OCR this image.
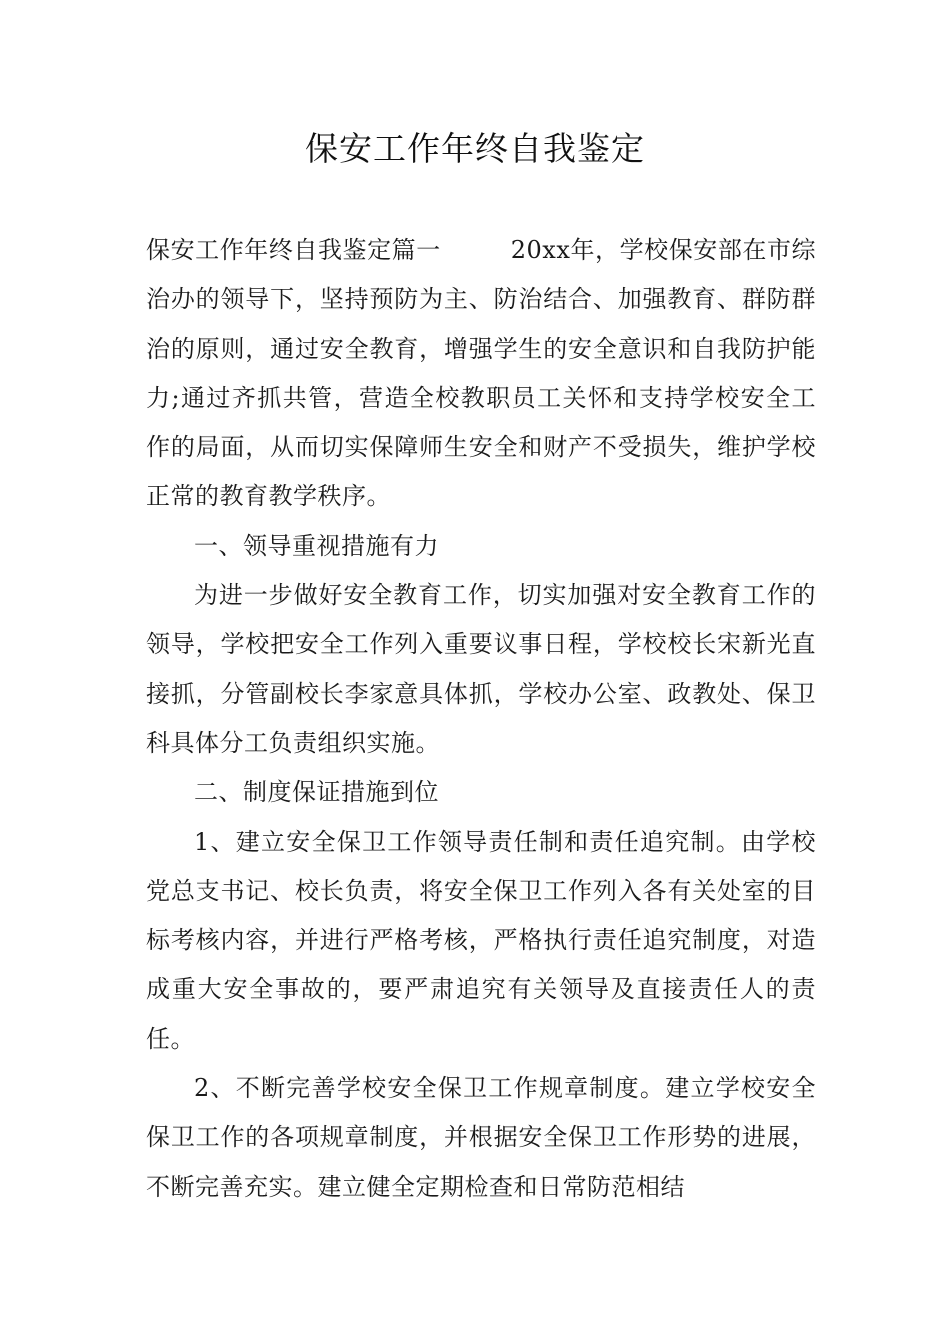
保安工作年终自我鉴定

保安工作年终自我鉴定篇一	20xx年，学校保安部在市综治办的领导下，坚持预防为主、防治结合、加强教育、群防群治的原则，通过安全教育，增强学生的安全意识和自我防护能力;通过齐抓共管，营造全校教职员工关怀和支持学校安全工作的局面，从而切实保障师生安全和财产不受损失，维护学校正常的教育教学秩序。

一、领导重视措施有力

为进一步做好安全教育工作，切实加强对安全教育工作的领导，学校把安全工作列入重要议事日程，学校校长宋新光直接抓，分管副校长李家意具体抓，学校办公室、政教处、保卫科具体分工负责组织实施。

二、制度保证措施到位

1、建立安全保卫工作领导责任制和责任追究制。由学校党总支书记、校长负责，将安全保卫工作列入各有关处室的目标考核内容，并进行严格考核，严格执行责任追究制度，对造成重大安全事故的，要严肃追究有关领导及直接责任人的责任。

2、不断完善学校安全保卫工作规章制度。建立学校安全保卫工作的各项规章制度，并根据安全保卫工作形势的进展，不断完善充实。建立健全定期检查和日常防范相结
